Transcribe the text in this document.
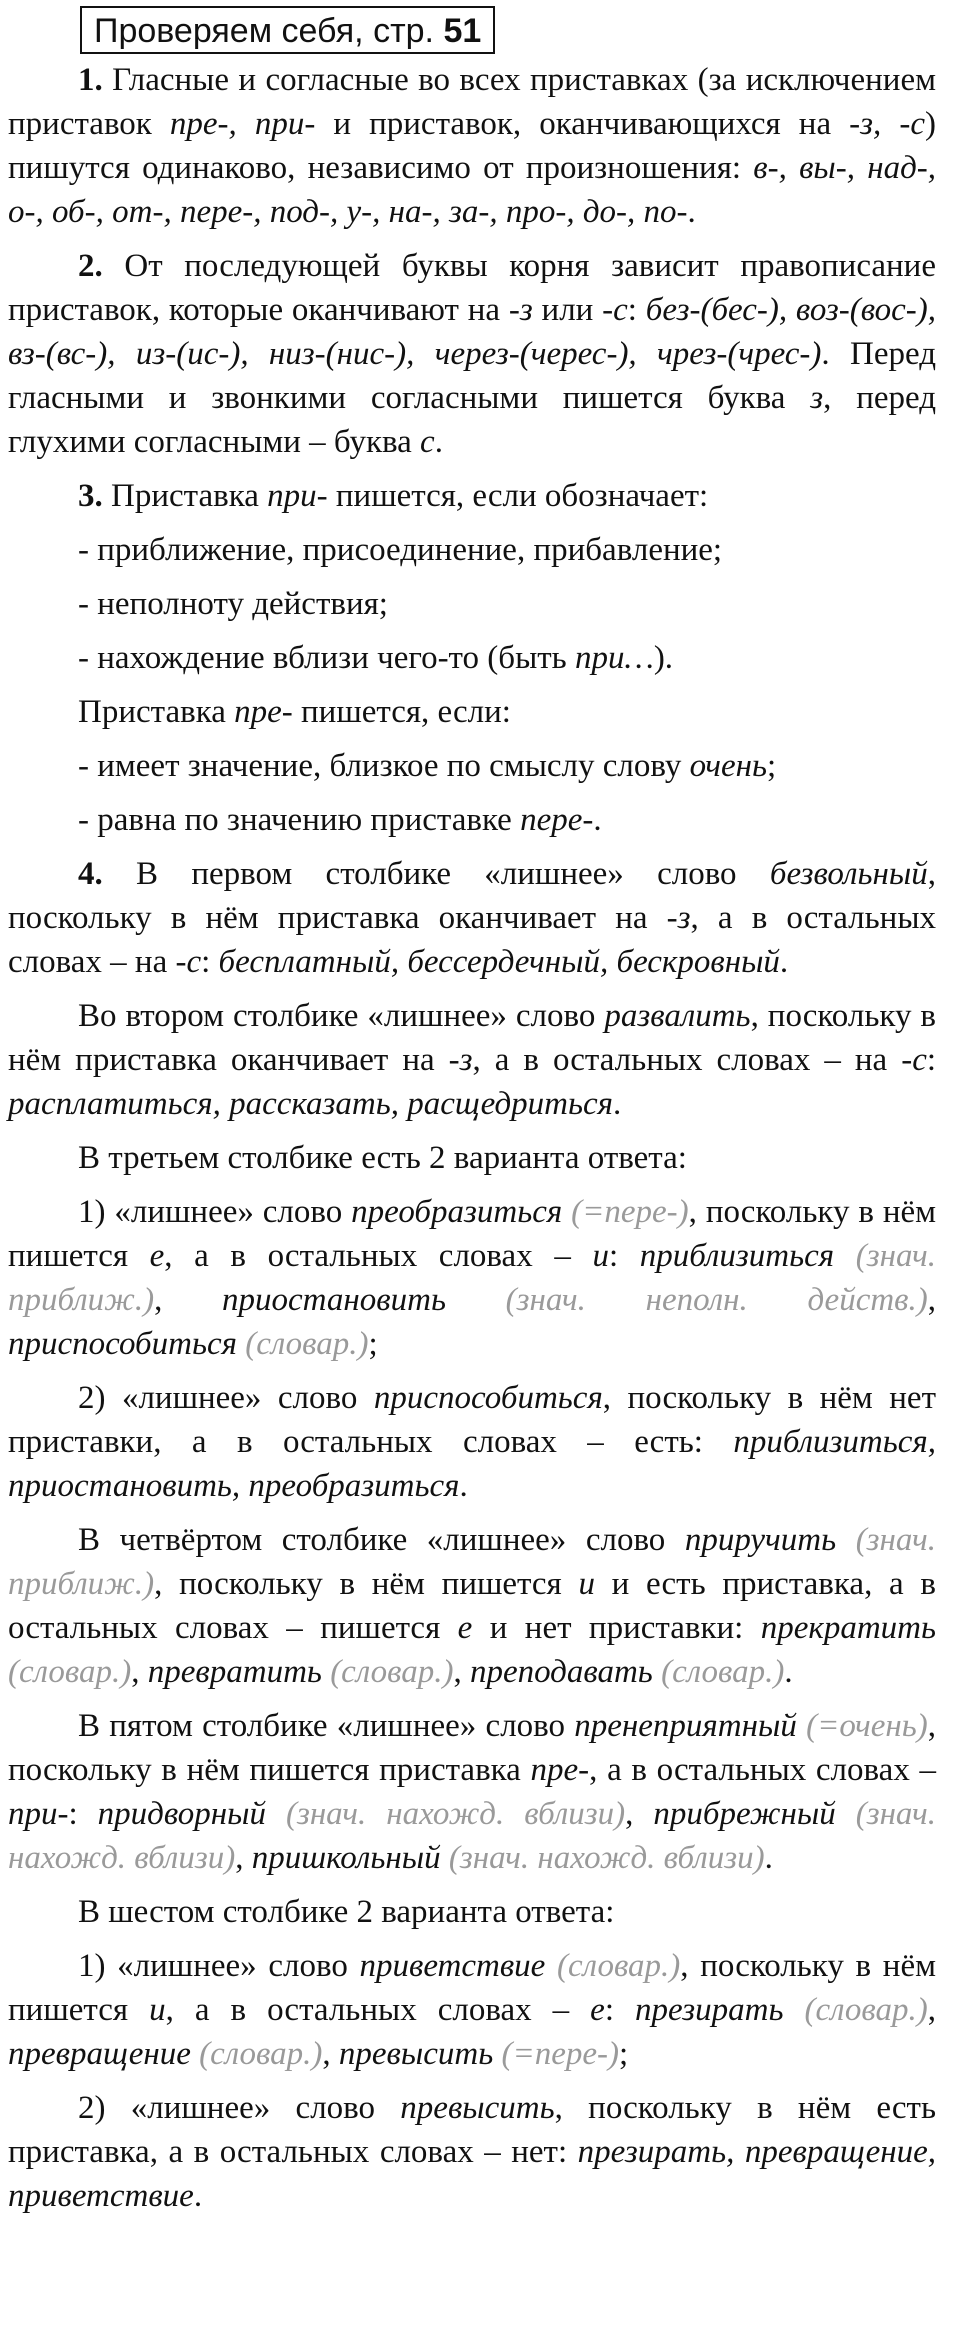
Проверяем себя, стр. 51

1. Гласные и согласные во всех приставках (за исключением приставок пре-, при- и приставок, оканчивающихся на -з, -с) пишутся одинаково, независимо от произношения: в-, вы-, над-, о-, об-, от-, пере-, под-, у-, на-, за-, про-, до-, по-.

2. От последующей буквы корня зависит правописание приставок, которые оканчивают на -з или -с: без-(бес-), воз-(вос-), вз-(вс-), из-(ис-), низ-(нис-), через-(черес-), чрез-(чрес-). Перед гласными и звонкими согласными пишется буква з, перед глухими согласными – буква с.

3. Приставка при- пишется, если обозначает:

- приближение, присоединение, прибавление;

- неполноту действия;

- нахождение вблизи чего-то (быть при…).

Приставка пре- пишется, если:

- имеет значение, близкое по смыслу слову очень;

- равна по значению приставке пере-.

4. В первом столбике «лишнее» слово безвольный, поскольку в нём приставка оканчивает на -з, а в остальных словах – на -с: бесплатный, бессердечный, бескровный.

Во втором столбике «лишнее» слово развалить, поскольку в нём приставка оканчивает на -з, а в остальных словах – на -с: расплатиться, рассказать, расщедриться.

В третьем столбике есть 2 варианта ответа:

1) «лишнее» слово преобразиться (=пере-), поскольку в нём пишется е, а в остальных словах – и: приблизиться (знач. приближ.), приостановить (знач. неполн. действ.), приспособиться (словар.);

2) «лишнее» слово приспособиться, поскольку в нём нет приставки, а в остальных словах – есть: приблизиться, приостановить, преобразиться.

В четвёртом столбике «лишнее» слово приручить (знач. приближ.), поскольку в нём пишется и и есть приставка, а в остальных словах – пишется е и нет приставки: прекратить (словар.), превратить (словар.), преподавать (словар.).

В пятом столбике «лишнее» слово пренеприятный (=очень), поскольку в нём пишется приставка пре-, а в остальных словах – при-: придворный (знач. нахожд. вблизи), прибрежный (знач. нахожд. вблизи), пришкольный (знач. нахожд. вблизи).

В шестом столбике 2 варианта ответа:

1) «лишнее» слово приветствие (словар.), поскольку в нём пишется и, а в остальных словах – е: презирать (словар.), превращение (словар.), превысить (=пере-);

2) «лишнее» слово превысить, поскольку в нём есть приставка, а в остальных словах – нет: презирать, превращение, приветствие.
